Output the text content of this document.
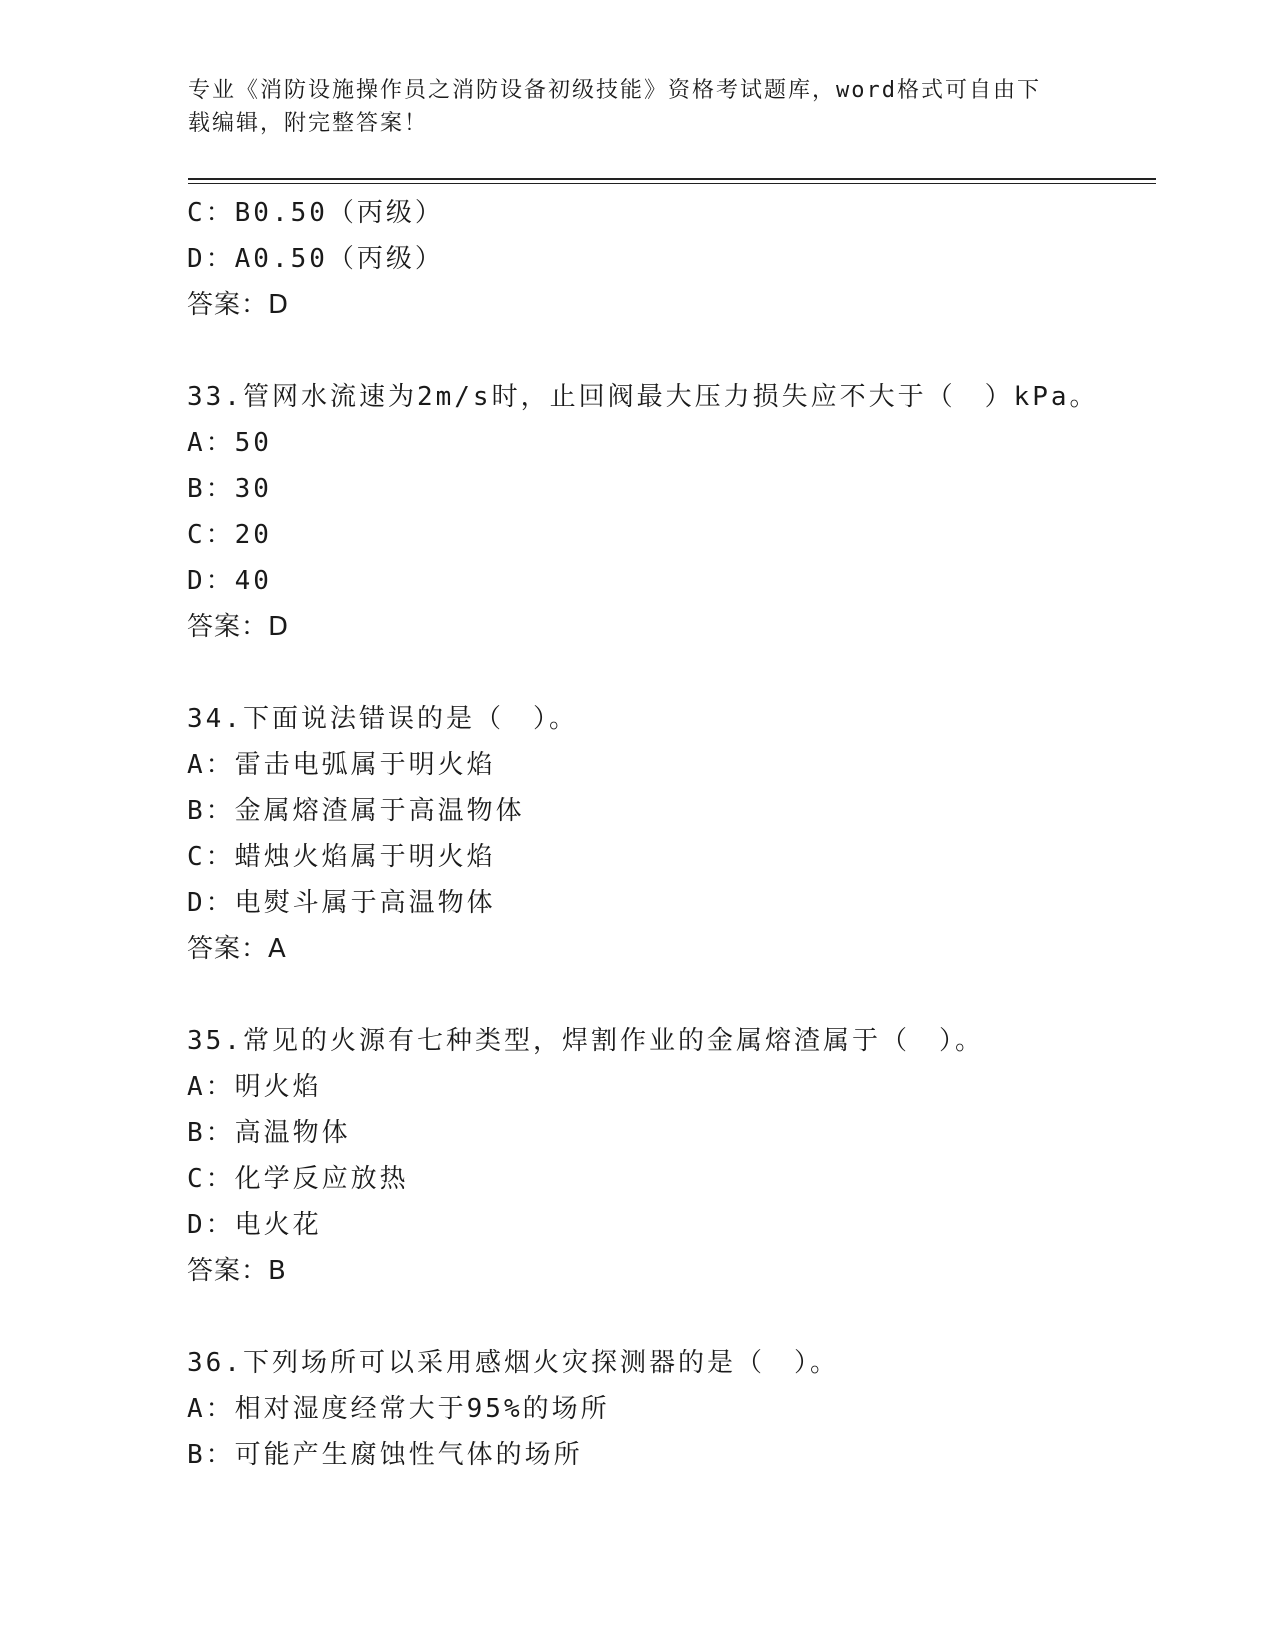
专业《消防设施操作员之消防设备初级技能》资格考试题库，word格式可自由下
载编辑，附完整答案！
C：B0.50（丙级）
D：A0.50（丙级）
答案：D
33.管网水流速为2m/s时，止回阀最大压力损失应不大于（　）kPa。
A：50
B：30
C：20
D：40
答案：D
34.下面说法错误的是（　）。
A：雷击电弧属于明火焰
B：金属熔渣属于高温物体
C：蜡烛火焰属于明火焰
D：电熨斗属于高温物体
答案：A
35.常见的火源有七种类型，焊割作业的金属熔渣属于（　）。
A：明火焰
B：高温物体
C：化学反应放热
D：电火花
答案：B
36.下列场所可以采用感烟火灾探测器的是（　）。
A：相对湿度经常大于95%的场所
B：可能产生腐蚀性气体的场所
